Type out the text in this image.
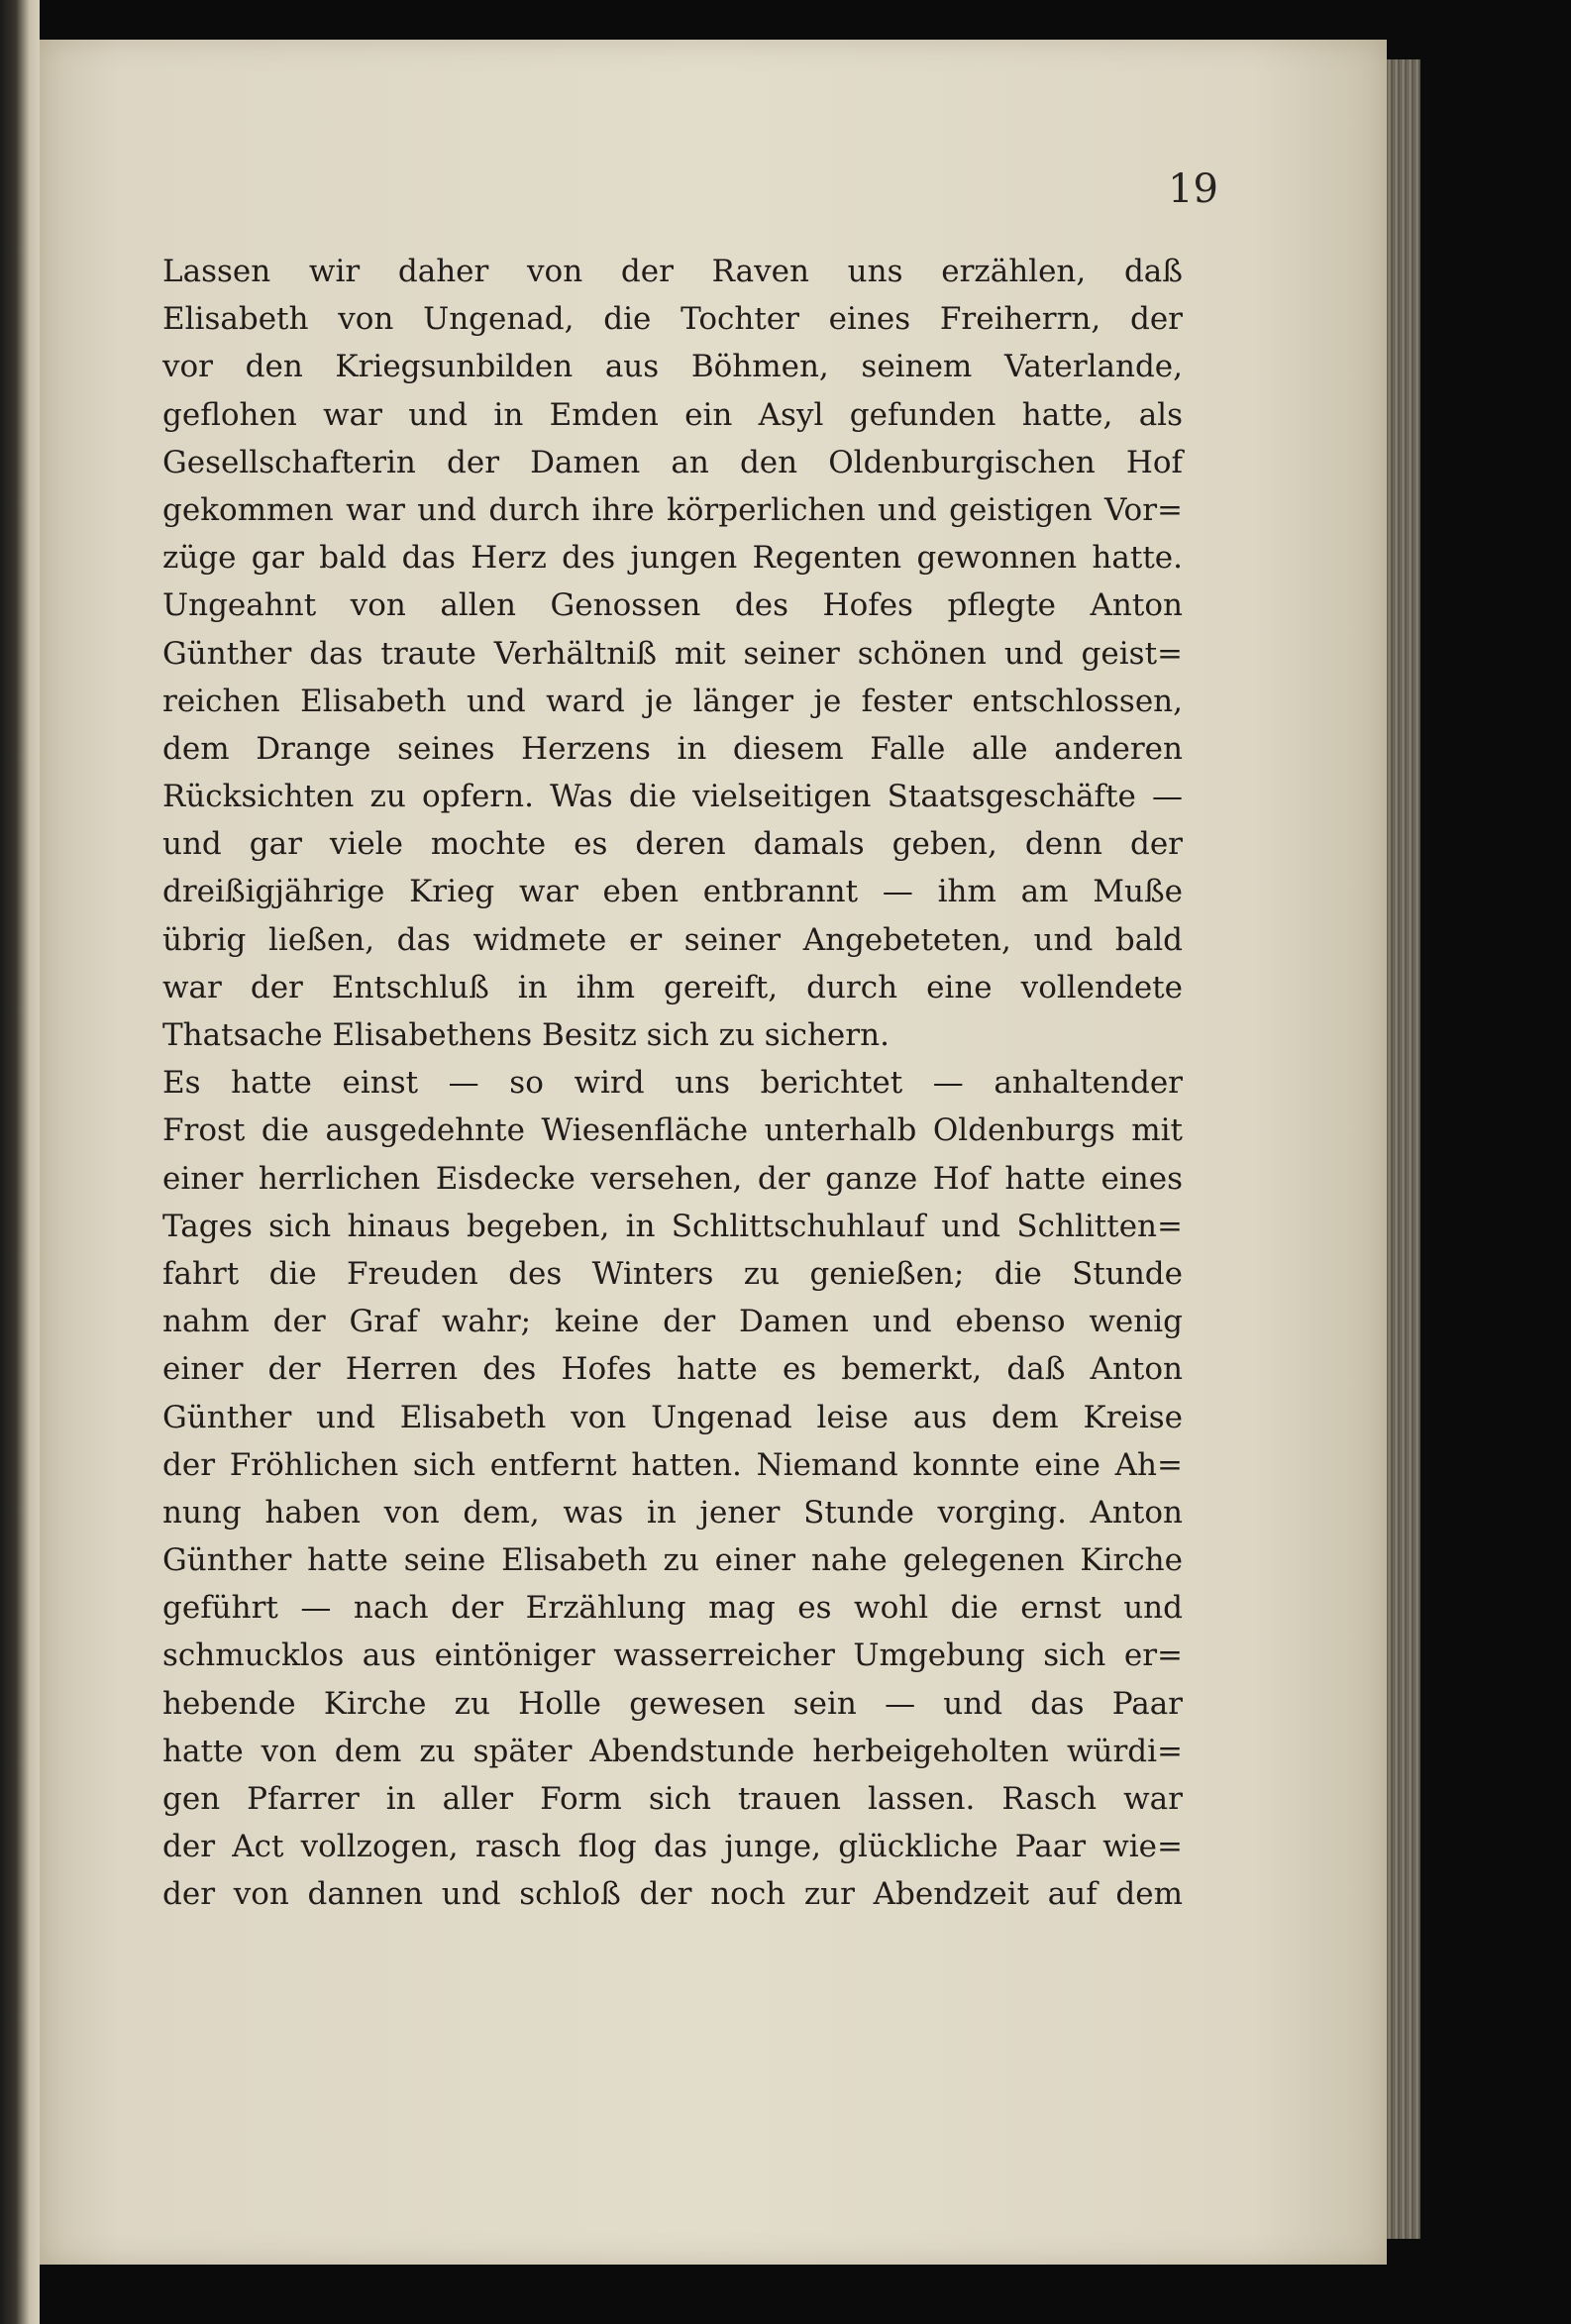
19
Lassen wir daher von der Raven uns erzählen, daß
Elisabeth von Ungenad, die Tochter eines Freiherrn, der
vor den Kriegsunbilden aus Böhmen, seinem Vaterlande,
geflohen war und in Emden ein Asyl gefunden hatte, als
Gesellschafterin der Damen an den Oldenburgischen Hof
gekommen war und durch ihre körperlichen und geistigen Vor=
züge gar bald das Herz des jungen Regenten gewonnen hatte.
Ungeahnt von allen Genossen des Hofes pflegte Anton
Günther das traute Verhältniß mit seiner schönen und geist=
reichen Elisabeth und ward je länger je fester entschlossen,
dem Drange seines Herzens in diesem Falle alle anderen
Rücksichten zu opfern. Was die vielseitigen Staatsgeschäfte —
und gar viele mochte es deren damals geben, denn der
dreißigjährige Krieg war eben entbrannt — ihm am Muße
übrig ließen, das widmete er seiner Angebeteten, und bald
war der Entschluß in ihm gereift, durch eine vollendete
Thatsache Elisabethens Besitz sich zu sichern.
Es hatte einst — so wird uns berichtet — anhaltender
Frost die ausgedehnte Wiesenfläche unterhalb Oldenburgs mit
einer herrlichen Eisdecke versehen, der ganze Hof hatte eines
Tages sich hinaus begeben, in Schlittschuhlauf und Schlitten=
fahrt die Freuden des Winters zu genießen; die Stunde
nahm der Graf wahr; keine der Damen und ebenso wenig
einer der Herren des Hofes hatte es bemerkt, daß Anton
Günther und Elisabeth von Ungenad leise aus dem Kreise
der Fröhlichen sich entfernt hatten. Niemand konnte eine Ah=
nung haben von dem, was in jener Stunde vorging. Anton
Günther hatte seine Elisabeth zu einer nahe gelegenen Kirche
geführt — nach der Erzählung mag es wohl die ernst und
schmucklos aus eintöniger wasserreicher Umgebung sich er=
hebende Kirche zu Holle gewesen sein — und das Paar
hatte von dem zu später Abendstunde herbeigeholten würdi=
gen Pfarrer in aller Form sich trauen lassen. Rasch war
der Act vollzogen, rasch flog das junge, glückliche Paar wie=
der von dannen und schloß der noch zur Abendzeit auf dem
